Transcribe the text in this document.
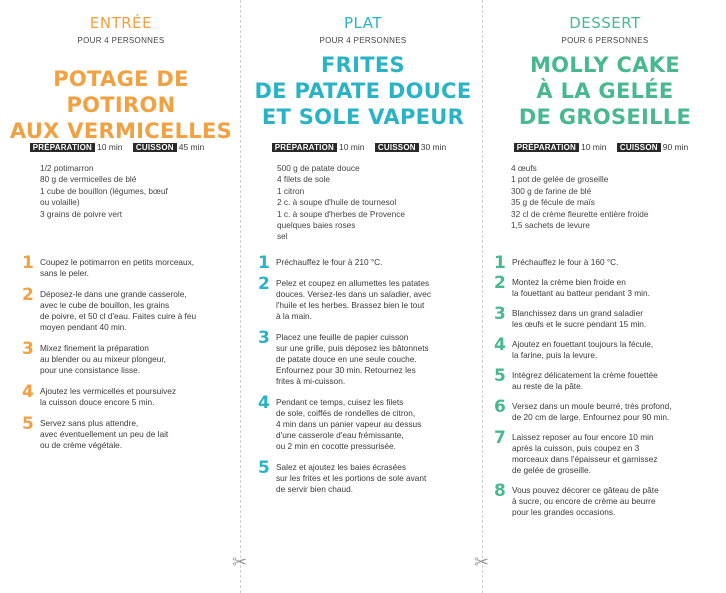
✂	✂
ENTRÉE
POUR 4 PERSONNES
POTAGE DE POTIRON
AUX VERMICELLES
PRÉPARATION 10 min CUISSON 45 min
1/2 potimarron
80 g de vermicelles de blé
1 cube de bouillon (légumes, bœuf
ou volaille)
3 grains de poivre vert
1 Coupez le potimarron en petits morceaux,
sans le peler.
2 Déposez-le dans une grande casserole,
avec le cube de bouillon, les grains
de poivre, et 50 cl d'eau. Faites cuire à feu
moyen pendant 40 min.
3 Mixez finement la préparation
au blender ou au mixeur plongeur,
pour une consistance lisse.
4 Ajoutez les vermicelles et poursuivez
la cuisson douce encore 5 min.
5 Servez sans plus attendre,
avec éventuellement un peu de lait
ou de crème végétale.
PLAT
POUR 4 PERSONNES
FRITES
DE PATATE DOUCE
ET SOLE VAPEUR
PRÉPARATION 10 min CUISSON 30 min
500 g de patate douce
4 filets de sole
1 citron
2 c. à soupe d'huile de tournesol
1 c. à soupe d'herbes de Provence
quelques baies roses
sel
1 Préchauffez le four à 210 °C.
2 Pelez et coupez en allumettes les patates
douces. Versez-les dans un saladier, avec
l'huile et les herbes. Brassez bien le tout
à la main.
3 Placez une feuille de papier cuisson
sur une grille, puis déposez les bâtonnets
de patate douce en une seule couche.
Enfournez pour 30 min. Retournez les
frites à mi-cuisson.
4 Pendant ce temps, cuisez les filets
de sole, coiffés de rondelles de citron,
4 min dans un panier vapeur au dessus
d'une casserole d'eau frémissante,
ou 2 min en cocotte pressurisée.
5 Salez et ajoutez les baies écrasées
sur les frites et les portions de sole avant
de servir bien chaud.
DESSERT
POUR 6 PERSONNES
MOLLY CAKE
À LA GELÉE
DE GROSEILLE
PRÉPARATION 10 min CUISSON 90 min
4 œufs
1 pot de gelée de groseille
300 g de farine de blé
35 g de fécule de maïs
32 cl de crème fleurette entière froide
1,5 sachets de levure
1 Préchauffez le four à 160 °C.
2 Montez la crème bien froide en
la fouettant au batteur pendant 3 min.
3 Blanchissez dans un grand saladier
les œufs et le sucre pendant 15 min.
4 Ajoutez en fouettant toujours la fécule,
la farine, puis la levure.
5 Intégrez délicatement la crème fouettée
au reste de la pâte.
6 Versez dans un moule beurré, très profond,
de 20 cm de large. Enfournez pour 90 min.
7 Laissez reposer au four encore 10 min
après la cuisson, puis coupez en 3
morceaux dans l'épaisseur et garnissez
de gelée de groseille.
8 Vous pouvez décorer ce gâteau de pâte
à sucre, ou encore de crème au beurre
pour les grandes occasions.
